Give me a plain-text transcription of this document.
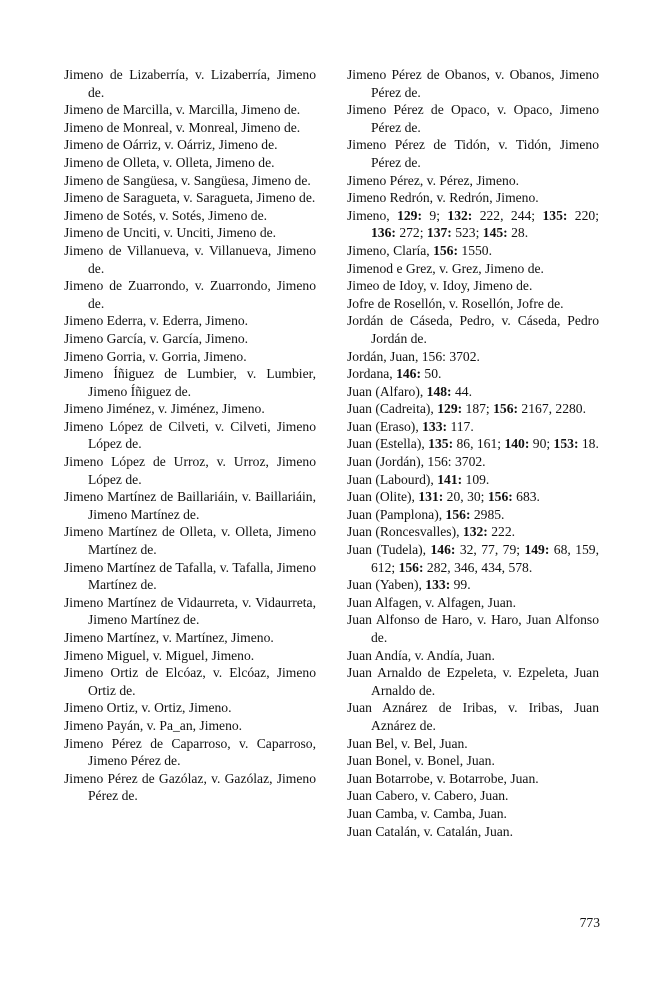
Jimeno de Lizaberría, v. Lizaberría, Jimeno de.
Jimeno de Marcilla, v. Marcilla, Jimeno de.
Jimeno de Monreal, v. Monreal, Jimeno de.
Jimeno de Oárriz, v. Oárriz, Jimeno de.
Jimeno de Olleta, v. Olleta, Jimeno de.
Jimeno de Sangüesa, v. Sangüesa, Jimeno de.
Jimeno de Saragueta, v. Saragueta, Jimeno de.
Jimeno de Sotés, v. Sotés, Jimeno de.
Jimeno de Unciti, v. Unciti, Jimeno de.
Jimeno de Villanueva, v. Villanueva, Jimeno de.
Jimeno de Zuarrondo, v. Zuarrondo, Jimeno de.
Jimeno Ederra, v. Ederra, Jimeno.
Jimeno García, v. García, Jimeno.
Jimeno Gorria, v. Gorria, Jimeno.
Jimeno Íñiguez de Lumbier, v. Lumbier, Jimeno Íñiguez de.
Jimeno Jiménez, v. Jiménez, Jimeno.
Jimeno López de Cilveti, v. Cilveti, Jimeno López de.
Jimeno López de Urroz, v. Urroz, Jimeno López de.
Jimeno Martínez de Baillariáin, v. Baillariáin, Jimeno Martínez de.
Jimeno Martínez de Olleta, v. Olleta, Jimeno Martínez de.
Jimeno Martínez de Tafalla, v. Tafalla, Jimeno Martínez de.
Jimeno Martínez de Vidaurreta, v. Vidaurreta, Jimeno Martínez de.
Jimeno Martínez, v. Martínez, Jimeno.
Jimeno Miguel, v. Miguel, Jimeno.
Jimeno Ortiz de Elcóaz, v. Elcóaz, Jimeno Ortiz de.
Jimeno Ortiz, v. Ortiz, Jimeno.
Jimeno Payán, v. Pa_an, Jimeno.
Jimeno Pérez de Caparroso, v. Caparroso, Jimeno Pérez de.
Jimeno Pérez de Gazólaz, v. Gazólaz, Jimeno Pérez de.
Jimeno Pérez de Obanos, v. Obanos, Jimeno Pérez de.
Jimeno Pérez de Opaco, v. Opaco, Jimeno Pérez de.
Jimeno Pérez de Tidón, v. Tidón, Jimeno Pérez de.
Jimeno Pérez, v. Pérez, Jimeno.
Jimeno Redrón, v. Redrón, Jimeno.
Jimeno, 129: 9; 132: 222, 244; 135: 220; 136: 272; 137: 523; 145: 28.
Jimeno, Claría, 156: 1550.
Jimenod e Grez, v. Grez, Jimeno de.
Jimeo de Idoy, v. Idoy, Jimeno de.
Jofre de Rosellón, v. Rosellón, Jofre de.
Jordán de Cáseda, Pedro, v. Cáseda, Pedro Jordán de.
Jordán, Juan, 156: 3702.
Jordana, 146: 50.
Juan (Alfaro), 148: 44.
Juan (Cadreita), 129: 187; 156: 2167, 2280.
Juan (Eraso), 133: 117.
Juan (Estella), 135: 86, 161; 140: 90; 153: 18.
Juan (Jordán), 156: 3702.
Juan (Labourd), 141: 109.
Juan (Olite), 131: 20, 30; 156: 683.
Juan (Pamplona), 156: 2985.
Juan (Roncesvalles), 132: 222.
Juan (Tudela), 146: 32, 77, 79; 149: 68, 159, 612; 156: 282, 346, 434, 578.
Juan (Yaben), 133: 99.
Juan Alfagen, v. Alfagen, Juan.
Juan Alfonso de Haro, v. Haro, Juan Alfonso de.
Juan Andía, v. Andía, Juan.
Juan Arnaldo de Ezpeleta, v. Ezpeleta, Juan Arnaldo de.
Juan Aznárez de Iribas, v. Iribas, Juan Aznárez de.
Juan Bel, v. Bel, Juan.
Juan Bonel, v. Bonel, Juan.
Juan Botarrobe, v. Botarrobe, Juan.
Juan Cabero, v. Cabero, Juan.
Juan Camba, v. Camba, Juan.
Juan Catalán, v. Catalán, Juan.
773
